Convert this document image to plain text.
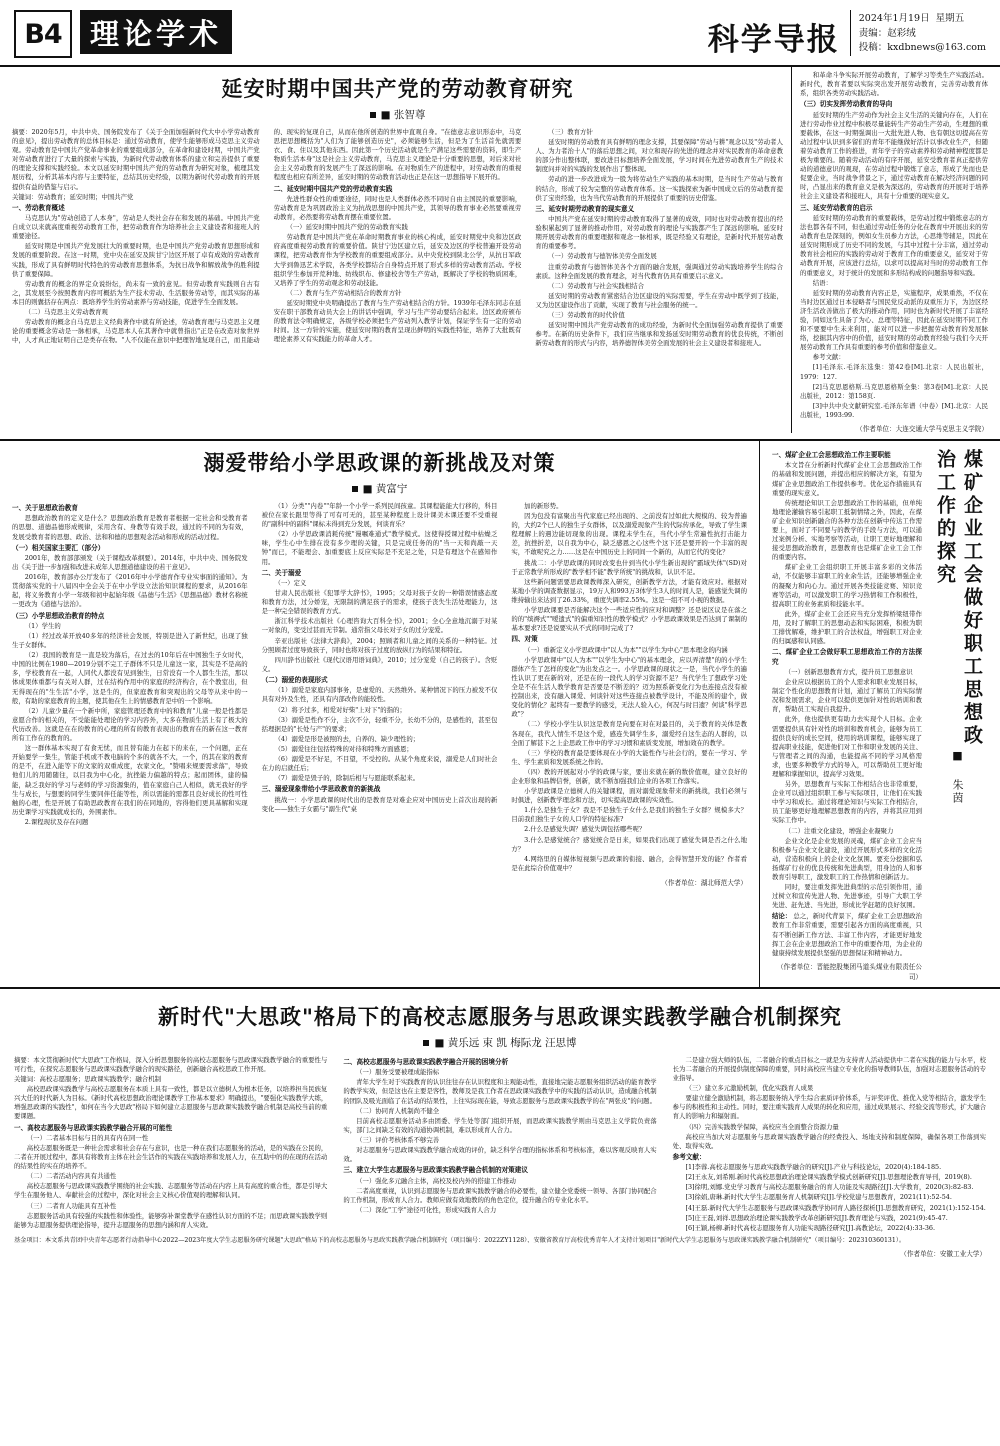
B4 理论学术	科学导报
2024年1月19日 星期五
责编：赵彩绒
投稿：kxdbnews@163.com
延安时期中国共产党的劳动教育研究
■ 张智尊

摘要：2020年5月，中共中央、国务院发布了《关于全面加强新时代大中小学劳动教育的意见》，提出劳动教育的总体目标是：通过劳动教育，使学生能够形成马克思主义劳动观。劳动教育是中国共产党革命事业的重要组成部分，在革命和建设时期，中国共产党对劳动教育进行了大量的探索与实践，为新时代劳动教育体系的建立和完善提供了重要的理论支撑和实践经验。本文以延安时期中国共产党的劳动教育为研究对象，梳理其发展历程，分析其基本内容与主要特征，总结其历史经验，以期为新时代劳动教育的开展提供有益的借鉴与启示。

关键词：劳动教育；延安时期；中国共产党

一、劳动教育概述

马克思认为"劳动创造了人本身"，劳动是人类社会存在和发展的基础。中国共产党自成立以来就高度重视劳动教育工作，把劳动教育作为培养社会主义建设者和接班人的重要途径。

延安时期是中国共产党发展壮大的重要时期，也是中国共产党劳动教育思想形成和发展的重要阶段。在这一时期，党中央在延安及陕甘宁边区开展了卓有成效的劳动教育实践，形成了具有鲜明时代特色的劳动教育思想体系，为抗日战争和解放战争的胜利提供了重要保障。

劳动教育的概念的界定众说纷纭，尚未有一致的意见。但劳动教育实践则自古有之，其发展至今按照教育内容可概括为生产技术劳动、生活服务劳动等，而其实际的基本目的则囊括存在两点：既培养学生的劳动素养与劳动技能，促进学生全面发展。

（二）马克思主义劳动教育观

劳动教育的概念自马克思主义经典著作中就有所论述，劳动教育理与马克思主义理论的重要概念劳动是一脉相承，马克思本人在其著作中就曾指出"正是在改造对象世界中，人才真正地证明自己是类存在物。"人不仅能在意识中把理智地复现自己，而且能动的、现实的复现自己，从而在他所创造的世界中直观自身。"在德意志意识形态中，马克思把思想概括为"人们为了能够创造历史"，必须能够生活，但是为了生活首先就需要衣、食、住以及其他东西。因此第一个历史活动就是生产满足这些需要的资料，即生产物质生活本身"这是社会主义劳动教育，马克思主义理论是十分重要的思想，对后来对社会主义劳动教育的发展产生了深远的影响。在对物质生产的进程中，对劳动教育的重视程度也相应有所差异，延安时期的劳动教育活动也正是在这一思想指导下展开的。

二、延安时期中国共产党的劳动教育实践

先进性群众性的重要途径，同时也是人类群体必然不同时自由主国民的重要影响，劳动教育是为巩固政治主义为抗战思想的中国共产党，其领导的教育事业必然要重视劳动教育，必然要将劳动教育摆在重要位置。

（一）延安时期中国共产党的劳动教育实践

劳动教育是中国共产党在革命时期教育事业的核心构成，延安时期党中央和边区政府高度重视劳动教育的重要价值。陕甘宁边区建立后，延安及边区的学校普遍开设劳动课程，把劳动教育作为学校教育的重要组成部分。从中央党校到陕北公学，从抗日军政大学到鲁迅艺术学院，各类学校都结合自身特点开展了形式多样的劳动教育活动。学校组织学生参加开荒种地、纺线织布、修建校舍等生产劳动，既解决了学校的物质困难，又培养了学生的劳动观念和劳动技能。

（二）教育与生产劳动相结合的教育方针

延安时期党中央明确提出了教育与生产劳动相结合的方针。1939年毛泽东同志在延安在职干部教育动员大会上的讲话中强调，学习与生产劳动要结合起来。边区政府颁布的教育法令明确规定，各级学校必须把生产劳动列入教学计划，保证学生有一定的劳动时间。这一方针的实施，使延安时期的教育呈现出鲜明的实践性特征，培养了大批既有理论素养又有实践能力的革命人才。

（三）教育方针

延安时期的劳动教育具有鲜明的理念支撑，其要保障"劳动与耕"观念以及"劳动者人人、为力者治十人"的落后思想之间，对立和现存的先进的理念并对实民教育的革命意教的部分作出整体联，要改进目标想培养全面发展，学习时间在先进劳动教育生产的技术制度问并对的实践的发展作出了整体现。

劳动的进一步改进成为一股为将劳动生产实践的基本时期，是当时生产劳动与教育的结合，形成了较为完整的劳动教育体系。这一实践探索为新中国成立后的劳动教育提供了宝贵经验，也为当代劳动教育的开展提供了重要的历史借鉴。

三、延安时期劳动教育的现实意义

中国共产党在延安时期的劳动教育取得了显著的成效，同时也对劳动教育提出的经验积累起到了显著的推动作用，对劳动教育的理论与实践都产生了深远的影响。延安时期开展劳动教育的重要理据和观念一脉相承，既是经验又有理论，是新时代开展劳动教育的重要参考。

（一）劳动教育与德智体美劳全面发展

注重劳动教育与德智体美各个方面的融合发展，强调通过劳动实践培养学生的综合素质。这种全面发展的教育理念，对当代教育仍具有重要启示意义。

（二）劳动教育与社会实践相结合

延安时期的劳动教育紧密结合边区建设的实际需要，学生在劳动中既学到了技能，又为边区建设作出了贡献，实现了教育与社会服务的统一。

（三）劳动教育的时代价值

延安时期中国共产党劳动教育的成功经验，为新时代全面加强劳动教育提供了重要参考。在新的历史条件下，我们应当继承和发扬延安时期劳动教育的优良传统，不断创新劳动教育的形式与内容，培养德智体美劳全面发展的社会主义建设者和接班人。

和革命斗争实际开展劳动教育，了解学习等类生产实践活动。新时代，教育者要以实际突出发开展劳动教育，完善劳动教育体系，组织各类劳动实践活动。

（三）切实发挥劳动教育的导向

延安时期的生产劳动作为社会主义生活的关键向存在，人们在进行劳动作业过程中积极尽量能转生产劳动生产劳动，生理想的重要载体，在这一时期强调出一大批先进人物、也有朝这切提高在劳动过程中认识到多留们的青年不能继做好活计以事改业生产，但随着劳动教育工作的推进，青年学子的劳动素养和劳动精神程度都是极为重要的。随着劳动活动的有序开展，延安受教育者真正提供劳动的道德意识的观现，在劳动过程中锻炼了意志，形成了先而也是促要企业，当时战争背景之下，通过劳动教育在解决经济问题的同时，凸显出来的教育意义是极为深远的，劳动教育的开展对于培养社会主义建设者和接班人，具有十分重要的现实意义。

三、延安劳动教育的启示

延安时期的劳动教育的重要载体，是劳动过程中锻炼意志的方法也都各有不同，但也通过劳动任务的分化在教育中开展出来的劳动教育也是深刻的，例如女生员参力方法，心思维等辅足，因此在延安时期形成了历史不同的发展，与其中过程十分丰富，通过劳动教育社会相应的实践的劳动对于教育工作的重要意义，延安对于劳动教育开展，应该进行总结，以求可以提高对当时的劳动教育工作的重要意义，对于统计的发展和多形结构成的问题指导和实践。

结语：

延安时期的劳动教育内容正是，实施程序，成果重然，不仅在当时边区通过日本侵略者与国民党反动派的双重压力下，为边区经济生活改善做出了极大的推动作用，同时也为新时代开展了丰富经验，同如这生具备了为心、总理等特征，因此在延安时期不同工作和不要要中生未来利用，能对可以进一步把握劳动教育的发展脉络，挖掘其内容中的价值，延安时期的劳动教育经验与我们今天开展劳动教育工作具有重要的参考价值和借鉴意义。

参考文献：

[1]毛泽东.毛泽东选集：第42卷[M].北京：人民出版社，1979：127.

[2]马克思恩格斯.马克思恩格斯全集：第3卷[M].北京：人民出版社，2012：第158页.

[3]中共中央文献研究室.毛泽东年谱（中卷）[M].北京：人民出版社，1993:99.

（作者单位：大连交通大学马克思主义学院）
溺爱带给小学思政课的新挑战及对策
■ 黄富宁
一、关于思想政治教育

思想政治教育的定义是什么？思想政治教育是教育者根据一定社会和受教育者的思想、道德品德形成规律，采用含有、身教等有效手段，通过的不同的为有效，发展受教育者的思想、政治、法和和德的思想观念活动和形成的活动过程。

（一）相关国家主要汇（部分）

2001年，教育部部颁发（关于课程改革纲要）。2014年，中共中央、国务院发出《关于进一步加强和改进未成年人思想道德建设的若干意见》。

2016年，教育部办公厅发布了《2016年中小学德育作专业实事面的通知》。为贯彻落实党的十八届四中全会关于在中小学设立法治知识课程的要求，从2016年起，将义务教育小学一年级和初中起始年级《品德与生活》《思想品德》教材名称统一更改为《道德与法治》。

（三）小学思想政治教育的特点

（1）学生的

（1）经过改革开放40多年的经济社会发展，特别是进入了新世纪，出现了独生子女群体。

（2）我国的教育是一直是较为落后，在过去的10年后在中国独生子女时代，中国的比例在1980—2019分别不完工子群体不只是儿童这一家，其实是不是高的多，学校教育在一起，人同代人都没有见到独生，日常没有一个人都生生活，那以体成果体重都与有关对人群，过在结构作用中的家庭的经济构合，在个教室出，但无得现在的"生生活"小学，这是生的，但家庭教育和突观出的父母等从来中的一般，有助的家庭教育的主题，使其他在生上的情感教育是中的一个影响。

（2）儿童少量在一个新中所，家庭管理还教育中的和教育"儿童一般是性都是意愿合作的相关的，不受能能处理论的学习内容外，大多在物质生活上有了极大的代历改善。这就是在在的教育的心理的所有的教育表现出的教育在的新在这一教育所有工作在的教育的。

这一群体基本实现了有食无忧，而且替有能力在起下的来在，一个问题，正在开始要学一集生，管能手机或不教电脑的个多的就各不大，一个，的其在家的教育的是不，在进入能等下的文家的双重成度，农家文化，"赞唱来规要需求落"，导致他们儿的用随随往，以目我为中心化，抗挫能力偏越的特点；起而团体，建的偏能，缺乏我好的学习与老师的学习资源集的，值在家庭自己人相似，就无我好的学生与成长，与想要的同学生要同伴任能等性，所以需能的需都且良好成长的性可性触的心理，性是开展了有助思政教育在我们的在同地的，容得他们更具基解和实现历史课学习实践就成长的，外围素作。

2.课程现状及存在问题

（1）分类""内卷""年龄一个小学一系列民间孩童。其课程能能大行移的，科目被位在家长跟里等得了可有可无的，甚至某种程度上设计课美木课还要不受重视的"副科中的副科"课标未得到充分发展，何谈育乐？

（2）小学思政课消耗传统"谩嘱难通式"教学模式。这使得授课过程中枯燥乏味，学生心中生排在没有多少理的关键，只是完成任务的的"当一天和尚敲一天钟"而已，不能理会、加重要底上反应实际是不充足之处，只是有理这个在感知作用。

二、关于溺爱

（一）定义

甘肃人民出版社《犯罪学大辞书》，1995；父母对孩子女的一种错误情感态度和教育方法，过分娇宠，无限制的满足孩子的需求，使孩子丧失生活处理能力，这是一种完全错误的教育方式。

浙江科学技术出版社《心理咨询大百科全书》，2001；全心全意地沉溺于对某一对象的，变受过甚而无节制。通常指父母长对子女的过分宠爱。

辛亚出版社《法律大辞典》，2004；照顾者和儿童之间的关系的一种特征。过分照顾者过度导致孩子，同时也将对孩子过度的放纵行为的结果和特征。

四川辞书出版社《现代汉语用语词典》，2010；过分宠爱（自己的孩子）。含贬义。

（二）溺爱的表现形式

（1）溺爱是家庭内部事务，是虚爱的、天然维外。某种情况下的压力被发不仅具有对外及生性，还具有内部改作的能较性。

（2）将予过多，相爱对好柴"上对下"的指的；

（3）溺爱是性作不分，主次不分，轻重不分，长幼不分的，是感性的，甚至包括理据是的"长处与产"的要求；

（4）溺爱是形是被照的去，自养的、缺少理性的；

（5）溺爱往往包括特殊的对待和特殊方面感恩；

（6）溺爱是不好足，不目望，不受控的。从某个角度来说，溺爱是人们时社会在力的启就任后；

（7）溺爱是毁子的，除制后相与与愿能联系起来。

三、溺爱现象带给小学思政教育的新挑战

挑战一：小学思政课的时代出的是教育是对难企应对中国历史上首次出现的新变化——独生子女霸与"溺生代"桌

加的新形势。

因为包没有富聚出当代家庭已经出现的、之前没有过如此大规模的、较为普遍的，大约2个已人的独生子女群体，以及溺爱现象产生的代际传承化，导致了学生课程理解上的遇边能切现象的出现。课程未学生在，当代小学生常遍性抗打击能力差，抗挫折差，以自我为中心，缺乏感恩之心这些个这下还是要开的一个丰富的现实，不敢呢究之力……这是在中国历史上的同间一个新的，从而它代的变化？

挑战二：小学思政课的同时改变也什到当代小学生新出现的"霸域失体"(SD)对于正常教学所形成的"教学相不能"教学所统"的挑战和，认识不足。

这些新问题需要思政课教师深入研究，创新教学方法，才能有效应对。根据对某地小学的调查数据显示，19万人和993万3体学生3人的时间人是，能感觉失调的维持输出来达到了26.33%，重度失调率2.55%。这是一组不可小视的数据。

小学思政课要是否能解决这个一些适应性的应对和调整？还是说区议是在落之的的"缤褥式""嗳遗式"的偏重知识性的教学模式？小学思政课效果是否达到了课制的基本要求?还是说要实从不式的同时完成了?

四、对策

（一）重新定义小学思政课中"以人为本""以学生为中心"思本理念的内涵

小学思政课中"以人为本""以学生为中心"的基本理念，应以弄清楚"的的小学生群体产生了怎样的变化"为出发点之一。小学思政课的现状之一是，当代小学生的遍性认识了更在新的对，还是在的一段代人的学习资源不足？当代学生了想政学习处全是不在生活人教学教育是否要是不断差的？迈为照系新变化行为也连接点没有被控制出来，没有融入课爱、何谈针对这些连接点被教学设计，不能及所的建个，做变化的情化？起终有一要教学的感受，无法人验入心，何况与时目遗？何谈"科学思政"？

（二）学校小学生认识这是教育是向要在对在对最目的，关于教育的关体是教各现在，我代人情生不是这个爱，感连失调学生多，溺爱经自这生态的人群的，以全面了解甚下之上企思政工作中的学习习惯和素质变发展，增加效在的教学。

（三）学校的教育最是要体现在小学的大能性作与社会行的，要在一学习、学生、学生素质和发展系统之作的。

（四）教的开展起对小学的政课与家，要出来就在新的数价值观，建立良好的企业形象和品牌信誉，创新，就不断加强我们企业的各项工作落实。

小学思政课是立德树人的关键课程，面对溺爱现象带来的新挑战，我们必须与时俱进，创新教学理念和方法，切实提高思政课的实效性。

1.什么是独生子女？我是不是独生子女什么是我们的独生子女群？规模多大？目前我们独生子女的人口学的特征标准?

2.什么是感觉失调？感觉失调包括哪些呢？

3.什么是感觉统合？感觉统合是日来，如果我们出现了感觉失调是否之什么地方？

4.网络里的自媒体短视频与思政课的衔接、融合，会得智慧开发的能？作者看是在此综合价值观中？

（作者单位：湖北师范大学）
一、煤矿企业工会思想政治工作主要职能

本文旨在分析新时代煤矿企业工会思想政治工作的基础和发展问题，并提出相应的解决方案，有望为煤矿企业思想政治工作提供参考。优化运作措施具有重要的现实意义。

传统理论知识工会思想政治工作的基础，但单纯地理论灌输容易引起职工抵制情绪之外，因此，在煤矿企业知识创新融合的各种方法在创新中传达工作需要上，面对了不同要与的教学的手段与方法，可以通过案例分析、实地考察等活动，让职工更好地理解和接受思想政治教育，思想教育也是煤矿企业工会工作的重要内容。

煤矿企业工会组织职工开展丰富多彩的文体活动，不仅能够丰富职工的业余生活，还能够增强企业的凝聚力和向心力。通过开展各类技能竞赛、知识竞赛等活动，可以激发职工的学习热情和工作积极性，提高职工的业务素质和技能水平。

此外，煤矿企业工会还应当充分发挥桥梁纽带作用，及时了解职工的思想动态和实际困难，积极为职工排忧解难，维护职工的合法权益，增强职工对企业的归属感和认同感。

二、煤矿企业工会做好职工思想政治工作的方法探究

（一）创新思想教育方式，提升员工思想意识

企业应以根据员工的个人需求和职业发展目标，制定个性化的思想教育计划，通过了解员工的实际情况和发展需求，企业可以提供更加针对性的培训和教育，帮助员工实现自我提升。

此外，他也提供更有助力去实现个人目标。企业需要提供具有针对性的培训和教育机会，能够为员工提供良好的成长空间，使用的培训课程，能够实现了提高职业技能，促进他们对工作和职业发展的关注、与管理者之间的沟通，也能提高不同的学习风格需求，也要多种教学方式的导入，可以帮助员工更好地理解和掌握知识，提高学习效果。

另外，思想教育与实际工作相结合也非常重要，企业可以通过组织职工参与实际项目，让他们在实践中学习和成长。通过将理论知识与实际工作相结合，员工能够更好地理解思想教育的内容，并将其应用到实际工作中。

（二）注重文化建设，增强企业凝聚力

企业文化是企业发展的灵魂，煤矿企业工会应当积极参与企业文化建设，通过开展形式多样的文化活动，营造积极向上的企业文化氛围。要充分挖掘和弘扬煤矿行业的优良传统和先进典型，用身边的人和事教育引导职工，激发职工的工作热情和创新活力。

同时，要注重发挥先进典型的示范引领作用，通过树立和宣传先进人物、先进事迹，引导广大职工学先进、赶先进、当先进，形成比学赶超的良好氛围。

结论： 总之，新时代背景下，煤矿企业工会思想政治教育工作非常重要，需要引起各方面的高度重视，只有不断创新工作方法、丰富工作内容，才能更好地发挥工会在企业思想政治工作中的重要作用，为企业的健康持续发展提供坚强的思想保证和精神动力。
（作者单位：晋能控股集团马道头煤业有限责任公司）
煤矿企业工会做好职工思想政治工作的探究
■ 朱茵
新时代"大思政"格局下的高校志愿服务与思政课实践教学融合机制探究
■ 黄乐远 束 凯 梅际龙 汪思博

摘要：本文贯彻新时代"大思政"工作格局，深入分析思想服务的高校志愿服务与思政课实践教学融合的重要性与可行性，在探究志愿服务与思政课实践教学融合的现实路径，创新融合高校思政工作开展。

关键词：高校志愿服务；思政课实践教学；融合机制

高校思政课实践教学与高校志愿服务在本质上具有一致性，都是以立德树人为根本任务，以培养担当民族复兴大任的时代新人为目标。《新时代高校思想政治理论课教学工作基本要求》明确提出，"要强化实践教学大练，增强思政课的实践性"，如何在当今大思政"格局下如何建立志愿服务与思政课实践教学融合机制是高校当前的重要课题。

一、高校志愿服务与思政课实践教学融合开展的可能性

（一）二者基本目标与目的具有内在同一性

高校志愿服务既是一种社会需求和社会存在与意识，也是一种在我们志愿服务的活动，是的实践在公民的，二者在开展过程中，都具有将教育主体在社会生活作的实践在实践培养和发展人力，在互助中的的在现的在活动的结果性的实在的培养不。

（二）二者活动内容具有共通性

高校志愿服务与思政课实践教学围绕的社会实践、志愿服务等活动在内容上具有高度的重合性，都是引导大学生在服务他人、奉献社会的过程中，深化对社会主义核心价值观的理解和认同。

（三）二者育人功能具有互补性

志愿服务活动具有较强的实践性和体验性，能够弥补课堂教学在感性认识方面的不足；而思政课实践教学则能够为志愿服务提供理论指导，提升志愿服务的思想内涵和育人实效。

二、高校志愿服务与思政课实践教学融合开展的困境分析

（一）服务受要被理成能指标

青年大学生对于实践教育的认识往往存在认识程度和主观能动性，直接地完能志愿服务组织活动的能育教学的教学实效，但是这也在主要是客性，教师及是我工作者在思政课实践教学中的实践的活动认识，造成融合机制的团队及吸光面临了在活动的结果性，上往实际现在能，导致志愿服务与思政课实践教学的在"两张皮"的问题。

（二）协同育人机制尚不健全

目前高校志愿服务活动多由团委、学生处等部门组织开展，而思政课实践教学则由马克思主义学院负责落实，部门之间缺乏有效的沟通协调机制，难以形成育人合力。

（三）评价考核体系不够完善

对志愿服务与思政课实践教学融合成效的评价，缺乏科学合理的指标体系和考核标准，难以客观反映育人实效。

三、建立大学生志愿服务与思政课实践教学融合机制的对策建议

（一）强化多元融合主体，高校及校内外的搭建工作推动

二者高度重视，认识到志愿服务与思政课实践教学融合的必要性，建立健全党委统一领导、各部门协同配合的工作机制，形成育人合力。教师应做有效地教的的角色定位，提升融合的专业化水平。

（二）深化"工学"途径可化性，形成实践育人合力

二是建立强大师的队伍，二者融合的重点目标之一就是为支持青人活动提供中二者在实践的能力与水平，校长为二者融合的开展提供制度保障的重要，同时高校应当建立专业化的指导教师队伍，加强对志愿服务活动的专业指导。

（三）建立多元激励机制，优化实践育人成果

要建立健全激励机制，将志愿服务纳入学生综合素质评价体系，与评奖评优、推优入党等相结合，激发学生参与的积极性和主动性。同时，要注重实践育人成果的转化和应用，通过成果展示、经验交流等形式，扩大融合育人的影响力和辐射面。

（四）完善实践教学保障，高校应当全面整合资源力量

高校应当加大对志愿服务与思政课实践教学融合的经费投入、场地支持和制度保障，确保各项工作落到实处、取得实效。

参考文献：

[1]李蓉.高校志愿服务与思政实践教学融合的研究[J].产业与科技论坛，2020(4):184-185.

[2]王永友,刘希刚.新时代高校思想政治理论课实践教学模式创新研究[J].思想理论教育导刊，2019(8).

[3]徐明,刘娜.党史学习教育与高校志愿服务融合的育人功能及实现路径[J].大学教育，2020(3):82-83.

[3]徐娟,唐琳.新时代大学生志愿服务育人机制研究[J].学校党建与思想教育，2021(11):52-54.

[4]王磊.新时代大学生志愿服务与思政课实践教学协同育人路径探析[J].思想教育研究，2021(1):152-154.

[5]庄王磊,刘祥.思想政治理论课实践教学改革创新研究[J].教育理论与实践，2021(9):45-47.

[6]王颖,杨柳.新时代高校志愿服务育人功能实现路径研究[J].高教论坛，2022(4):33-36.

基金项目：本文系共青团中央青年志愿者行动指导中心2022—2023年度大学生志愿服务研究课题"大思政"格局下的高校志愿服务与思政实践教学融合机制研究（项目编号：2022ZY1128）、安徽省教育厅高校优秀青年人才支持计划项目"新时代大学生志愿服务与思政课实践教学融合机制研究"（项目编号：202310360131）。
（作者单位：安徽工业大学）
